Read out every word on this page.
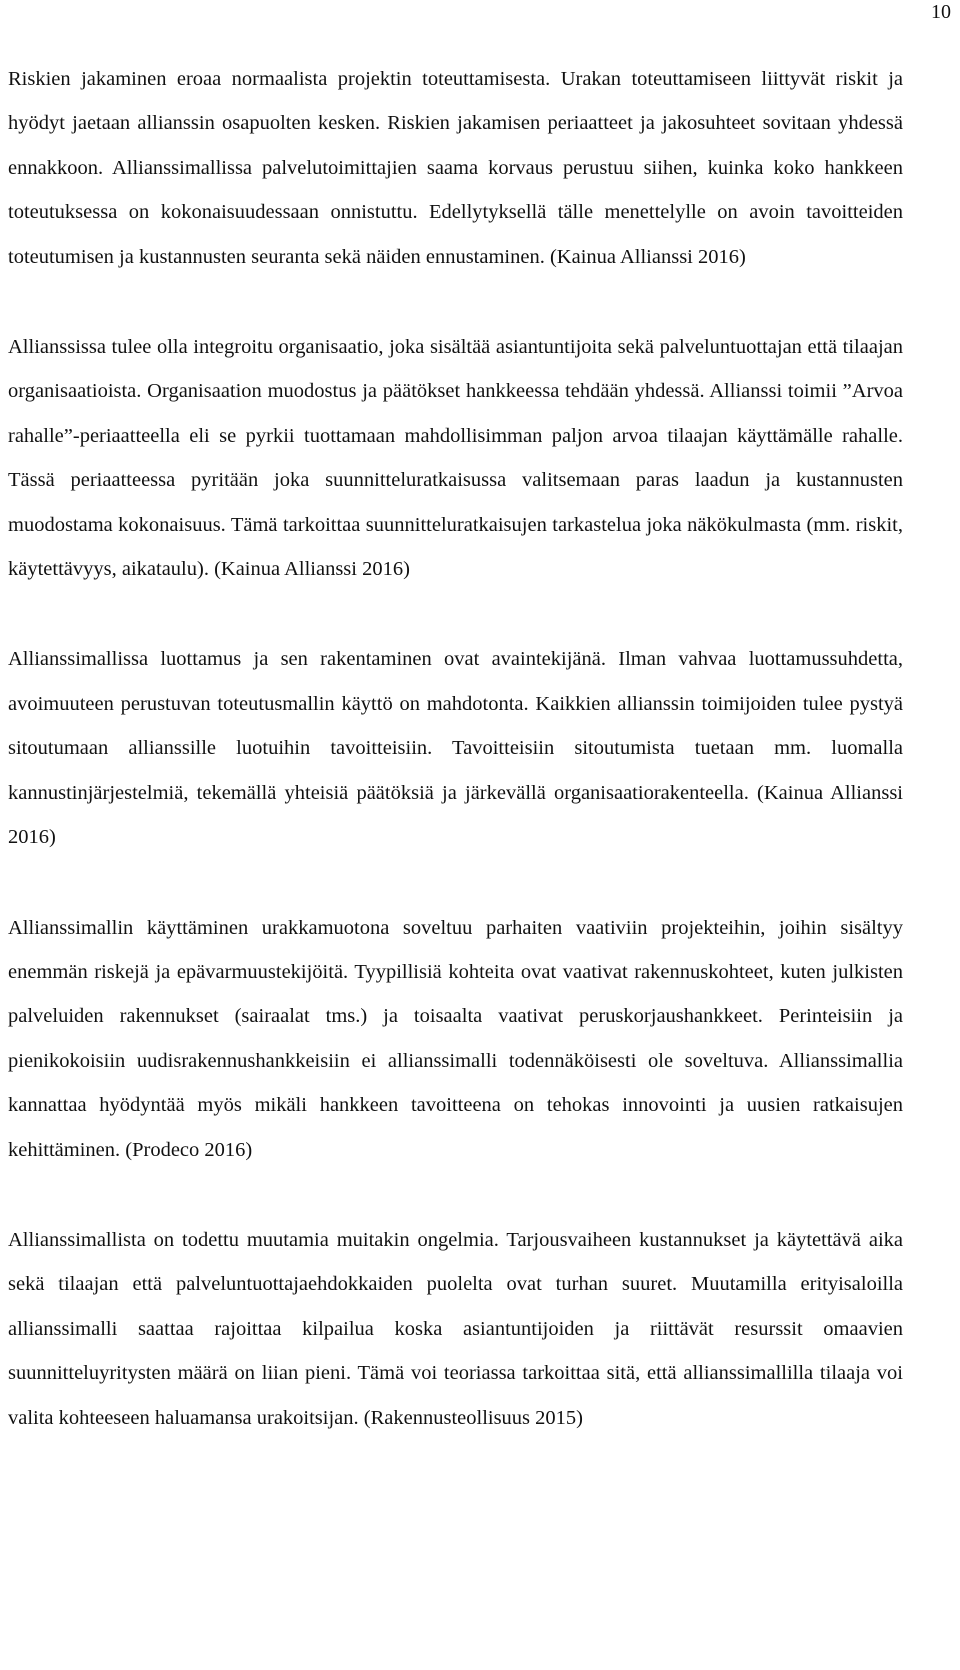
10

Riskien jakaminen eroaa normaalista projektin toteuttamisesta. Urakan toteuttamiseen liittyvät riskit ja hyödyt jaetaan allianssin osapuolten kesken. Riskien jakamisen periaatteet ja jakosuhteet sovitaan yhdessä ennakkoon. Allianssimallissa palvelutoimittajien saama korvaus perustuu siihen, kuinka koko hankkeen toteutuksessa on kokonaisuudessaan onnistuttu. Edellytyksellä tälle menettelylle on avoin tavoitteiden toteutumisen ja kustannusten seuranta sekä näiden ennustaminen. (Kainua Allianssi 2016)

Allianssissa tulee olla integroitu organisaatio, joka sisältää asiantuntijoita sekä palveluntuottajan että tilaajan organisaatioista. Organisaation muodostus ja päätökset hankkeessa tehdään yhdessä. Allianssi toimii ”Arvoa rahalle”-periaatteella eli se pyrkii tuottamaan mahdollisimman paljon arvoa tilaajan käyttämälle rahalle. Tässä periaatteessa pyritään joka suunnitteluratkaisussa valitsemaan paras laadun ja kustannusten muodostama kokonaisuus. Tämä tarkoittaa suunnitteluratkaisujen tarkastelua joka näkökulmasta (mm. riskit, käytettävyys, aikataulu). (Kainua Allianssi 2016)

Allianssimallissa luottamus ja sen rakentaminen ovat avaintekijänä. Ilman vahvaa luottamussuhdetta, avoimuuteen perustuvan toteutusmallin käyttö on mahdotonta. Kaikkien allianssin toimijoiden tulee pystyä sitoutumaan allianssille luotuihin tavoitteisiin. Tavoitteisiin sitoutumista tuetaan mm. luomalla kannustinjärjestelmiä, tekemällä yhteisiä päätöksiä ja järkevällä organisaatiorakenteella. (Kainua Allianssi 2016)

Allianssimallin käyttäminen urakkamuotona soveltuu parhaiten vaativiin projekteihin, joihin sisältyy enemmän riskejä ja epävarmuustekijöitä. Tyypillisiä kohteita ovat vaativat rakennuskohteet, kuten julkisten palveluiden rakennukset (sairaalat tms.) ja toisaalta vaativat peruskorjaushankkeet. Perinteisiin ja pienikokoisiin uudisrakennushankkeisiin ei allianssimalli todennäköisesti ole soveltuva. Allianssimallia kannattaa hyödyntää myös mikäli hankkeen tavoitteena on tehokas innovointi ja uusien ratkaisujen kehittäminen. (Prodeco 2016)

Allianssimallista on todettu muutamia muitakin ongelmia. Tarjousvaiheen kustannukset ja käytettävä aika sekä tilaajan että palveluntuottajaehdokkaiden puolelta ovat turhan suuret. Muutamilla erityisaloilla allianssimalli saattaa rajoittaa kilpailua koska asiantuntijoiden ja riittävät resurssit omaavien suunnitteluyritysten määrä on liian pieni. Tämä voi teoriassa tarkoittaa sitä, että allianssimallilla tilaaja voi valita kohteeseen haluamansa urakoitsijan. (Rakennusteollisuus 2015)
